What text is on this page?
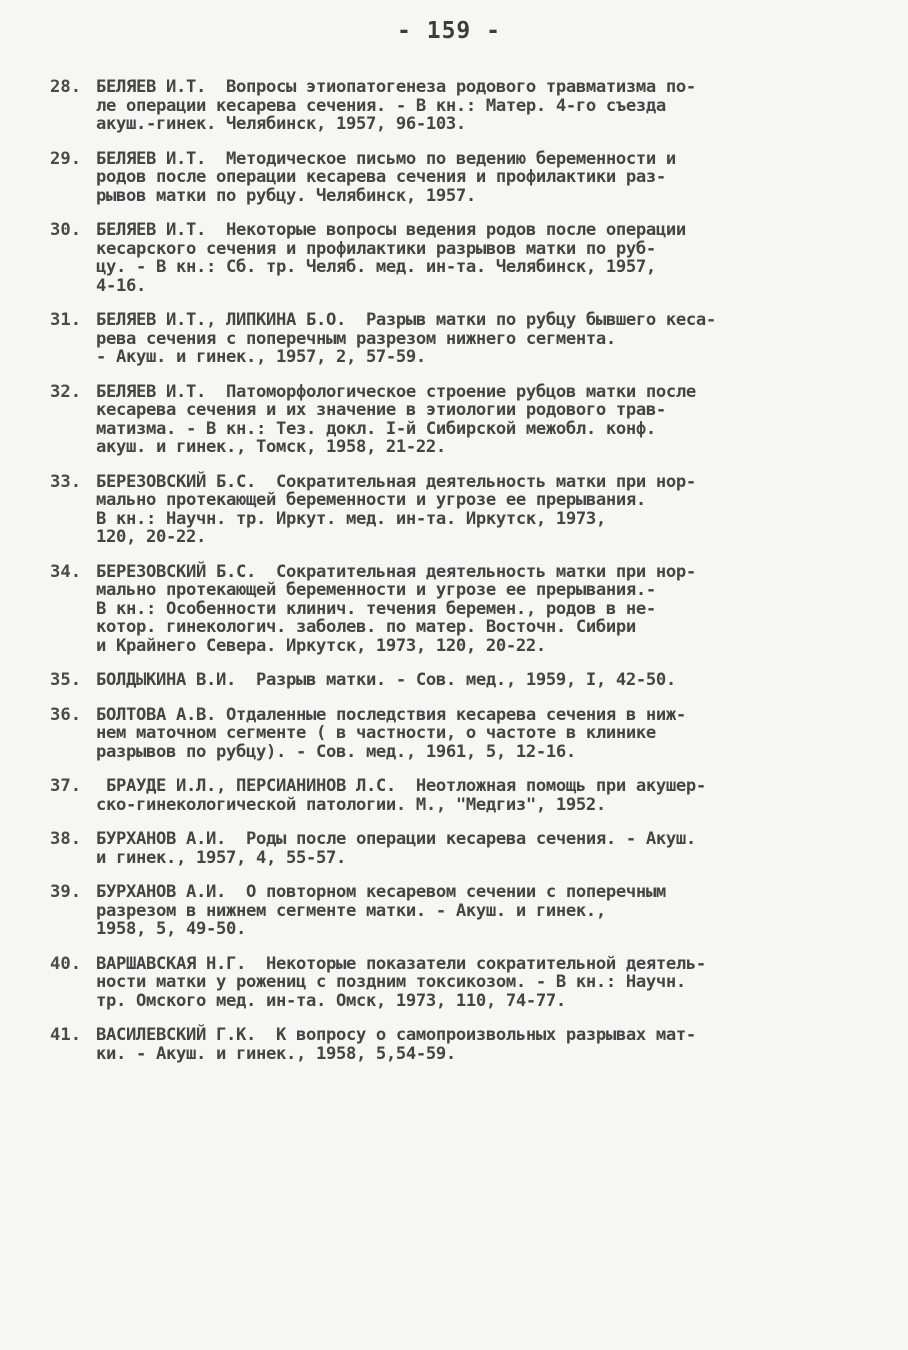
- 159 -
28. БЕЛЯЕВ И.Т.  Вопросы этиопатогенеза родового травматизма по-
ле операции кесарева сечения. - В кн.: Матер. 4-го съезда
акуш.-гинек. Челябинск, 1957, 96-103.
29. БЕЛЯЕВ И.Т.  Методическое письмо по ведению беременности и
родов после операции кесарева сечения и профилактики раз-
рывов матки по рубцу. Челябинск, 1957.
30. БЕЛЯЕВ И.Т.  Некоторые вопросы ведения родов после операции
кесарского сечения и профилактики разрывов матки по руб-
цу. - В кн.: Сб. тр. Челяб. мед. ин-та. Челябинск, 1957,
4-16.
31. БЕЛЯЕВ И.Т., ЛИПКИНА Б.О.  Разрыв матки по рубцу бывшего кеса-
рева сечения с поперечным разрезом нижнего сегмента.
- Акуш. и гинек., 1957, 2, 57-59.
32. БЕЛЯЕВ И.Т.  Патоморфологическое строение рубцов матки после
кесарева сечения и их значение в этиологии родового трав-
матизма. - В кн.: Тез. докл. I-й Сибирской межобл. конф.
акуш. и гинек., Томск, 1958, 21-22.
33. БЕРЕЗОВСКИЙ Б.С.  Сократительная деятельность матки при нор-
мально протекающей беременности и угрозе ее прерывания.
В кн.: Научн. тр. Иркут. мед. ин-та. Иркутск, 1973,
120, 20-22.
34. БЕРЕЗОВСКИЙ Б.С.  Сократительная деятельность матки при нор-
мально протекающей беременности и угрозе ее прерывания.-
В кн.: Особенности клинич. течения беремен., родов в не-
котор. гинекологич. заболев. по матер. Восточн. Сибири
и Крайнего Севера. Иркутск, 1973, 120, 20-22.
35. БОЛДЫКИНА В.И.  Разрыв матки. - Сов. мед., 1959, I, 42-50.
36. БОЛТОВА А.В. Отдаленные последствия кесарева сечения в ниж-
нем маточном сегменте ( в частности, о частоте в клинике
разрывов по рубцу). - Сов. мед., 1961, 5, 12-16.
37.	БРАУДЕ И.Л., ПЕРСИАНИНОВ Л.С.  Неотложная помощь при акушер-
ско-гинекологической патологии. М., "Медгиз", 1952.
38. БУРХАНОВ А.И.  Роды после операции кесарева сечения. - Акуш.
и гинек., 1957, 4, 55-57.
39. БУРХАНОВ А.И.  О повторном кесаревом сечении с поперечным
разрезом в нижнем сегменте матки. - Акуш. и гинек.,
1958, 5, 49-50.
40. ВАРШАВСКАЯ Н.Г.  Некоторые показатели сократительной деятель-
ности матки у рожениц с поздним токсикозом. - В кн.: Научн.
тр. Омского мед. ин-та. Омск, 1973, 110, 74-77.
41. ВАСИЛЕВСКИЙ Г.К.  К вопросу о самопроизвольных разрывах мат-
ки. - Акуш. и гинек., 1958, 5,54-59.
